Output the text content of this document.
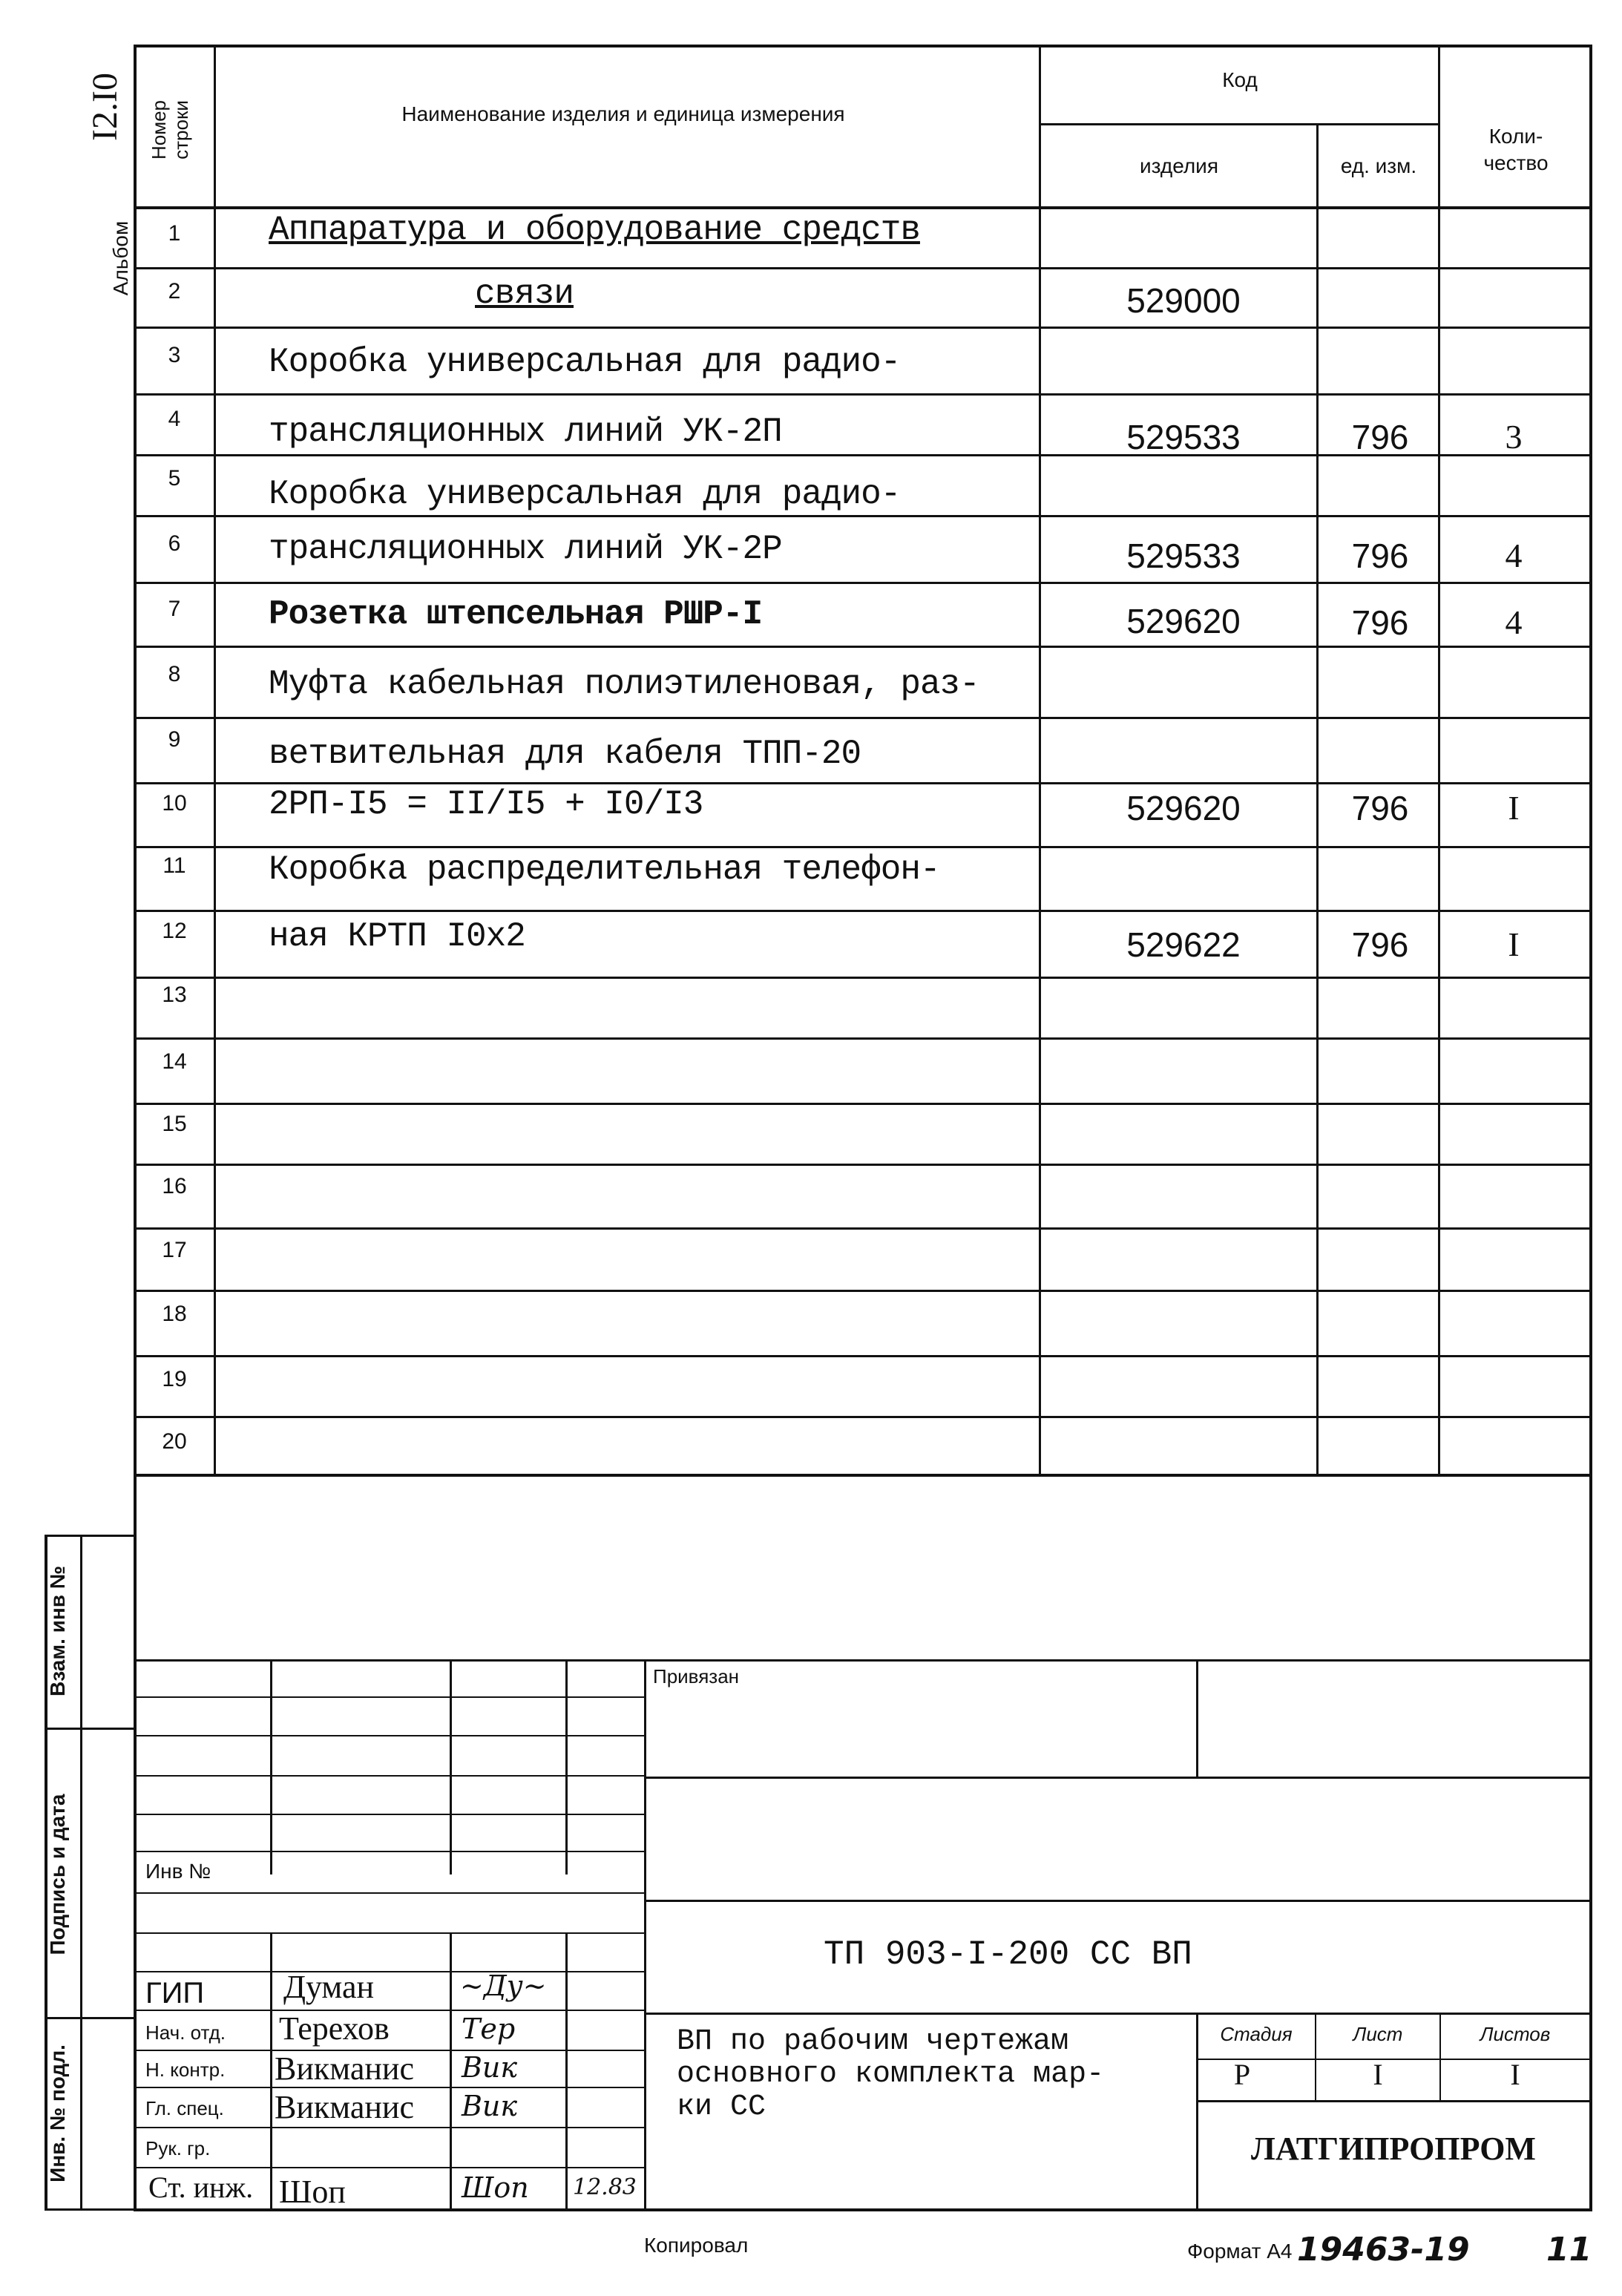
I2.I0
Альбом
Номер строки	Наименование изделия и единица измерения
Код
изделия	ед. изм.
Коли- чество
1	Аппаратура и оборудование средств
2	связи	529000
3	Коробка универсальная для радио-
4	трансляционных линий УК-2П	529533	796	3
5	Коробка универсальная для радио-
6	трансляционных линий УК-2Р	529533	796	4
7	Розетка штепсельная РШР-I	529620	796	4
8	Муфта кабельная полиэтиленовая, раз-
9	ветвительная для кабеля ТПП-20
10	2РП-I5 = II/I5 + I0/I3	529620	796	I
11	Коробка распределительная телефон-
12	ная КРТП I0x2	529622	796	I
13
14
15
16
17
18
19
20
Взам. инв №
Подпись и дата
Инв. № подл.
Привязан
Инв №
ТП 903-I-200 СС ВП
ВП по рабочим чертежам
основного комплекта мар-
ки СС
Стадия	Лист	Листов
Р	I	I
ЛАТГИПРОПРОМ
ГИП Думан	~Ду~
Нач. отд. Терехов	Тер
Н. контр. Викманис Вик
Гл. спец. Викманис Вик
Рук. гр.
Ст. инж. Шоп	Шоп 12.83
Копировал	Формат А4 19463-19 11
